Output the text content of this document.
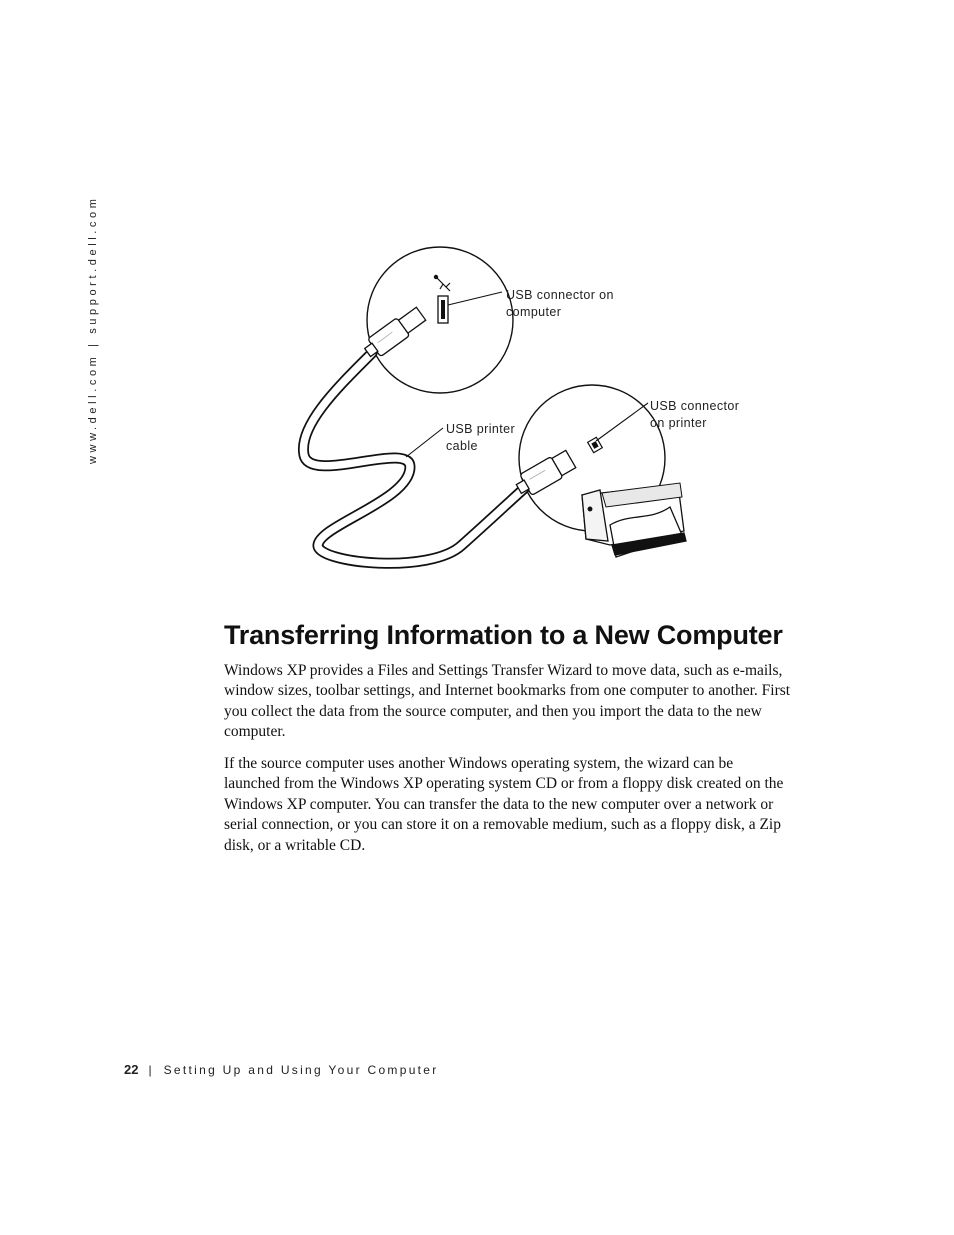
www.dell.com | support.dell.com	USB connector on
computer
USB connector
on printer
USB printer
cable
Transferring Information to a New Computer

Windows XP provides a Files and Settings Transfer Wizard to move data, such as e-mails,
window sizes, toolbar settings, and Internet bookmarks from one computer to another. First
you collect the data from the source computer, and then you import the data to the new
computer.

If the source computer uses another Windows operating system, the wizard can be
launched from the Windows XP operating system CD or from a floppy disk created on the
Windows XP computer. You can transfer the data to the new computer over a network or
serial connection, or you can store it on a removable medium, such as a floppy disk, a Zip
disk, or a writable CD.

22 | Setting Up and Using Your Computer
